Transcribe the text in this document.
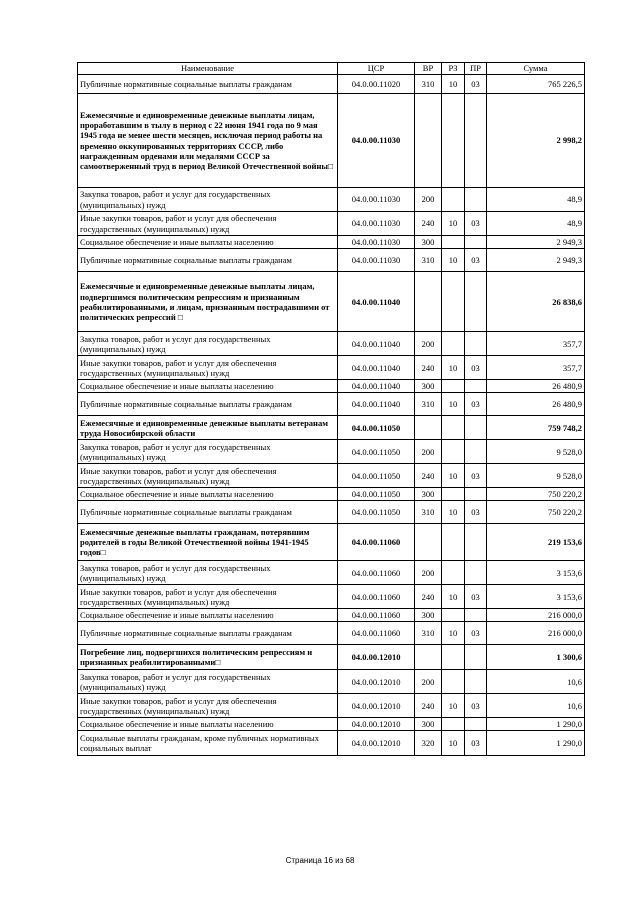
Наименование	ЦСР	ВР	РЗ	ПР	Сумма
Публичные нормативные социальные выплаты гражданам	04.0.00.11020	310	10	03	765 226,5
Ежемесячные и единовременные денежные выплаты лицам, проработавшим в тылу в период с 22 июня 1941 года по 9 мая 1945 года не менее шести месяцев, исключая период работы на временно оккупированных территориях СССР, либо награжденным орденами или медалями СССР за самоотверженный труд в период Великой Отечественной войны□	04.0.00.11030				2 998,2
Закупка товаров, работ и услуг для государственных (муниципальных) нужд	04.0.00.11030	200			48,9
Иные закупки товаров, работ и услуг для обеспечения государственных (муниципальных) нужд	04.0.00.11030	240	10	03	48,9
Социальное обеспечение и иные выплаты населению	04.0.00.11030	300			2 949,3
Публичные нормативные социальные выплаты гражданам	04.0.00.11030	310	10	03	2 949,3
Ежемесячные и единовременные денежные выплаты лицам, подвергшимся политическим репрессиям и признанным реабилитированными, и лицам, признанным пострадавшими от политических репрессий □	04.0.00.11040				26 838,6
Закупка товаров, работ и услуг для государственных (муниципальных) нужд	04.0.00.11040	200			357,7
Иные закупки товаров, работ и услуг для обеспечения государственных (муниципальных) нужд	04.0.00.11040	240	10	03	357,7
Социальное обеспечение и иные выплаты населению	04.0.00.11040	300			26 480,9
Публичные нормативные социальные выплаты гражданам	04.0.00.11040	310	10	03	26 480,9
Ежемесячные и единовременные денежные выплаты ветеранам труда Новосибирской области	04.0.00.11050				759 748,2
Закупка товаров, работ и услуг для государственных (муниципальных) нужд	04.0.00.11050	200			9 528,0
Иные закупки товаров, работ и услуг для обеспечения государственных (муниципальных) нужд	04.0.00.11050	240	10	03	9 528,0
Социальное обеспечение и иные выплаты населению	04.0.00.11050	300			750 220,2
Публичные нормативные социальные выплаты гражданам	04.0.00.11050	310	10	03	750 220,2
Ежемесячные денежные выплаты гражданам, потерявшим родителей в годы Великой Отечественной войны 1941-1945 годов□	04.0.00.11060				219 153,6
Закупка товаров, работ и услуг для государственных (муниципальных) нужд	04.0.00.11060	200			3 153,6
Иные закупки товаров, работ и услуг для обеспечения государственных (муниципальных) нужд	04.0.00.11060	240	10	03	3 153,6
Социальное обеспечение и иные выплаты населению	04.0.00.11060	300			216 000,0
Публичные нормативные социальные выплаты гражданам	04.0.00.11060	310	10	03	216 000,0
Погребение лиц, подвергшихся политическим репрессиям и признанных реабилитированными□	04.0.00.12010				1 300,6
Закупка товаров, работ и услуг для государственных (муниципальных) нужд	04.0.00.12010	200			10,6
Иные закупки товаров, работ и услуг для обеспечения государственных (муниципальных) нужд	04.0.00.12010	240	10	03	10,6
Социальное обеспечение и иные выплаты населению	04.0.00.12010	300			1 290,0
Социальные выплаты гражданам, кроме публичных нормативных социальных выплат	04.0.00.12010	320	10	03	1 290,0
Страница 16 из 68
